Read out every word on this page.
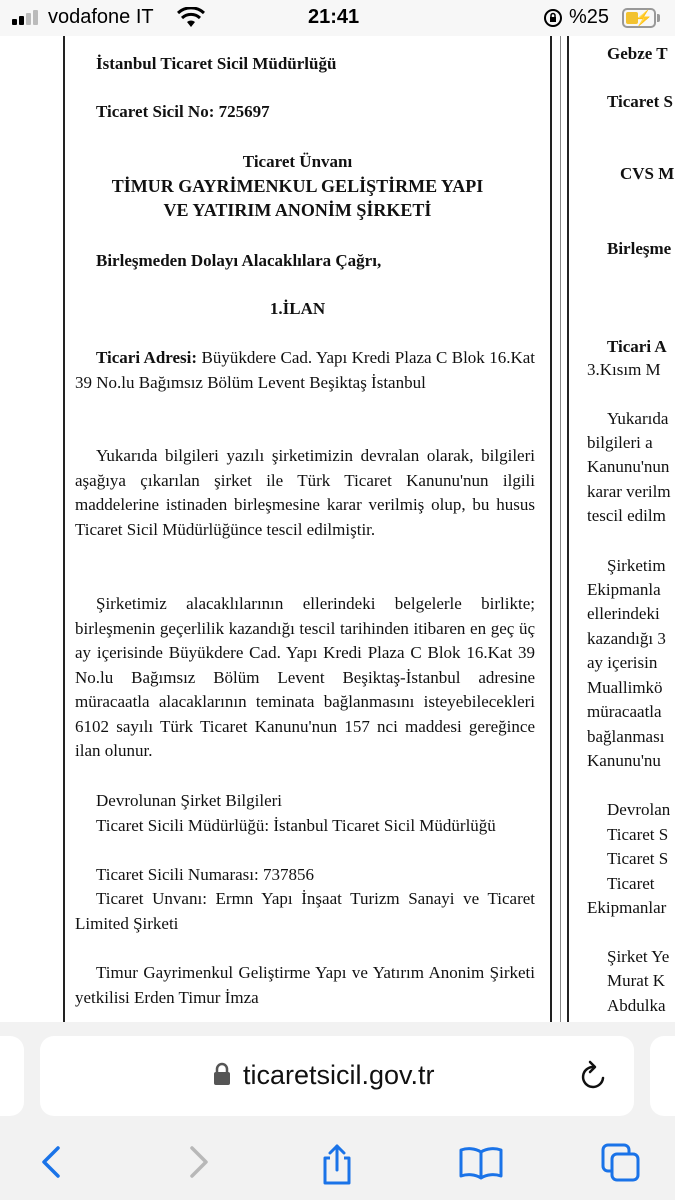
vodafone IT	21:41	%25 ⚡
İstanbul Ticaret Sicil Müdürlüğü
Ticaret Sicil No: 725697
Ticaret Ünvanı
TİMUR GAYRİMENKUL GELİŞTİRME YAPI
VE YATIRIM ANONİM ŞİRKETİ
Birleşmeden Dolayı Alacaklılara Çağrı,
1.İLAN
Ticari Adresi: Büyükdere Cad. Yapı Kredi Plaza C Blok 16.Kat 39 No.lu Bağımsız Bölüm Levent Beşiktaş İstanbul
Yukarıda bilgileri yazılı şirketimizin devralan olarak, bilgileri aşağıya çıkarılan şirket ile Türk Ticaret Kanunu'nun ilgili maddelerine istinaden birleşmesine karar verilmiş olup, bu husus Ticaret Sicil Müdürlüğünce tescil edilmiştir.
Şirketimiz alacaklılarının ellerindeki belgelerle birlikte; birleşmenin geçerlilik kazandığı tescil tarihinden itibaren en geç üç ay içerisinde Büyükdere Cad. Yapı Kredi Plaza C Blok 16.Kat 39 No.lu Bağımsız Bölüm Levent Beşiktaş-İstanbul adresine müracaatla alacaklarının teminata bağlanmasını isteyebilecekleri 6102 sayılı Türk Ticaret Kanunu'nun 157 nci maddesi gereğince ilan olunur.
Devrolunan Şirket Bilgileri
Ticaret Sicili Müdürlüğü: İstanbul Ticaret Sicil Müdürlüğü
Ticaret Sicili Numarası: 737856
Ticaret Unvanı: Ermn Yapı İnşaat Turizm Sanayi ve Ticaret Limited Şirketi
Timur Gayrimenkul Geliştirme Yapı ve Yatırım Anonim Şirketi yetkilisi Erden Timur İmza
Gebze T
Ticaret S
CVS M
Birleşme
Ticari A
3.Kısım M
Yukarıda
bilgileri a
Kanunu'nun
karar verilm
tescil edilm
Şirketim
Ekipmanla
ellerindeki
kazandığı 3
ay içerisin
Muallimkö
müracaatla
bağlanması
Kanunu'nu
Devrolan
Ticaret S
Ticaret S
Ticaret
Ekipmanlar
Şirket Ye
Murat K
Abdulka
ticaretsicil.gov.tr
